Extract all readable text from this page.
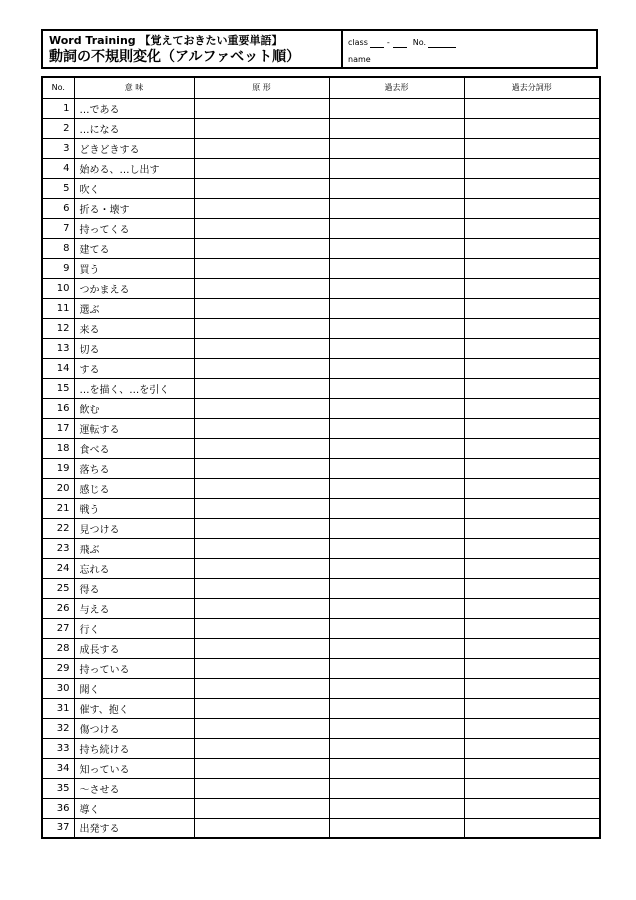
Word Training 【覚えておきたい重要単語】
動詞の不規則変化（アルファベット順）
class -	No.
name
No.	意 味	原 形	過去形	過去分詞形
1	…である			
2	…になる			
3	どきどきする			
4	始める、…し出す			
5	吹く			
6	折る・壊す			
7	持ってくる			
8	建てる			
9	買う			
10	つかまえる			
11	選ぶ			
12	来る			
13	切る			
14	する			
15	…を描く、…を引く			
16	飲む			
17	運転する			
18	食べる			
19	落ちる			
20	感じる			
21	戦う			
22	見つける			
23	飛ぶ			
24	忘れる			
25	得る			
26	与える			
27	行く			
28	成長する			
29	持っている			
30	聞く			
31	催す、抱く			
32	傷つける			
33	持ち続ける			
34	知っている			
35	～させる			
36	導く			
37	出発する			
